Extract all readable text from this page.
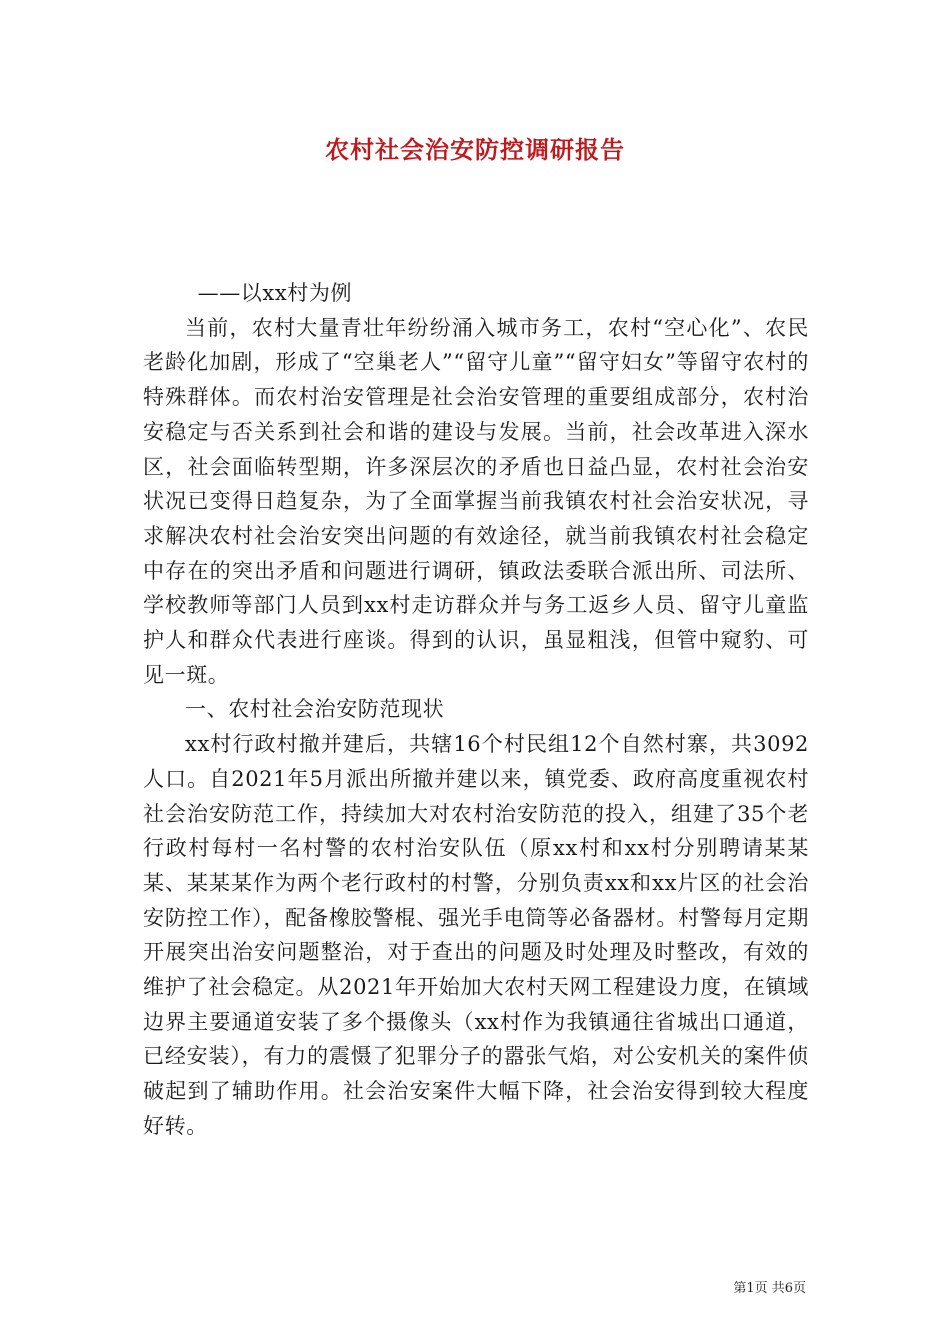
农村社会治安防控调研报告

——以xx村为例

当前，农村大量青壮年纷纷涌入城市务工，农村“空心化”、农民老龄化加剧，形成了“空巢老人”“留守儿童”“留守妇女”等留守农村的特殊群体。而农村治安管理是社会治安管理的重要组成部分，农村治安稳定与否关系到社会和谐的建设与发展。当前，社会改革进入深水区，社会面临转型期，许多深层次的矛盾也日益凸显，农村社会治安状况已变得日趋复杂，为了全面掌握当前我镇农村社会治安状况，寻求解决农村社会治安突出问题的有效途径，就当前我镇农村社会稳定中存在的突出矛盾和问题进行调研，镇政法委联合派出所、司法所、学校教师等部门人员到xx村走访群众并与务工返乡人员、留守儿童监护人和群众代表进行座谈。得到的认识，虽显粗浅，但管中窥豹、可见一斑。

一、农村社会治安防范现状

xx村行政村撤并建后，共辖16个村民组12个自然村寨，共3092人口。自2021年5月派出所撤并建以来，镇党委、政府高度重视农村社会治安防范工作，持续加大对农村治安防范的投入，组建了35个老行政村每村一名村警的农村治安队伍（原xx村和xx村分别聘请某某某、某某某作为两个老行政村的村警，分别负责xx和xx片区的社会治安防控工作），配备橡胶警棍、强光手电筒等必备器材。村警每月定期开展突出治安问题整治，对于查出的问题及时处理及时整改，有效的维护了社会稳定。从2021年开始加大农村天网工程建设力度，在镇域边界主要通道安装了多个摄像头（xx村作为我镇通往省城出口通道，已经安装），有力的震慑了犯罪分子的嚣张气焰，对公安机关的案件侦破起到了辅助作用。社会治安案件大幅下降，社会治安得到较大程度好转。

第1页 共6页
